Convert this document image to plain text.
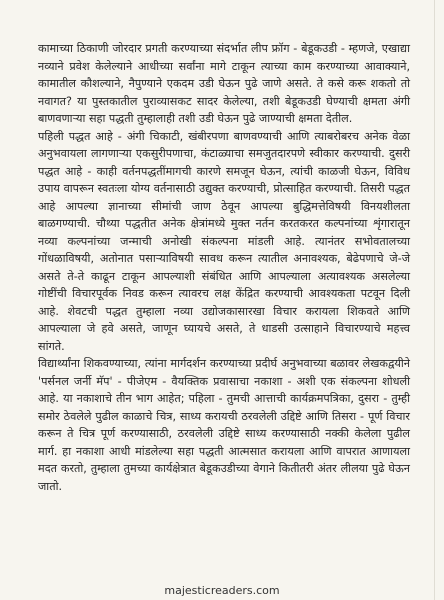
कामाच्या ठिकाणी जोरदार प्रगती करण्याच्या संदर्भात लीप फ्रॉग - बेडूकउडी - म्हणजे, एखाद्या नव्याने प्रवेश केलेल्याने आधीच्या सर्वांना मागे टाकून त्याच्या काम करण्याच्या आवाक्याने, कामातील कौशल्याने, नैपुण्याने एकदम उडी घेऊन पुढे जाणे असते. ते कसे करू शकतो तो नवागत? या पुस्तकातील पुराव्यासकट सादर केलेल्या, तशी बेडूकउडी घेण्याची क्षमता अंगी बाणवणाऱ्या सहा पद्धती तुम्हालाही तशी उडी घेऊन पुढे जाण्याची क्षमता देतील.

पहिली पद्धत आहे - अंगी चिकाटी, खंबीरपणा बाणवण्याची आणि त्याबरोबरच अनेक वेळा अनुभवायला लागणाऱ्या एकसुरीपणाचा, कंटाळ्याचा समजुतदारपणे स्वीकार करण्याची. दुसरी पद्धत आहे - काही वर्तनपद्धतींमागची कारणे समजून घेऊन, त्यांची काळजी घेऊन, विविध उपाय वापरून स्वतःला योग्य वर्तनासाठी उद्युक्त करण्याची, प्रोत्साहित करण्याची. तिसरी पद्धत आहे आपल्या ज्ञानाच्या सीमांची जाण ठेवून आपल्या बुद्धिमत्तेविषयी विनयशीलता बाळगण्याची. चौथ्या पद्धतीत अनेक क्षेत्रांमध्ये मुक्त नर्तन करतकरत कल्पनांच्या शृंगारातून नव्या कल्पनांच्या जन्माची अनोखी संकल्पना मांडली आहे. त्यानंतर सभोवतालच्या गोंधळाविषयी, अतोनात पसाऱ्याविषयी सावध करून त्यातील अनावश्यक, बेढेपणाचे जे-जे असते ते-ते काढून टाकून आपल्याशी संबंधित आणि आपल्याला अत्यावश्यक असलेल्या गोष्टींची विचारपूर्वक निवड करून त्यावरच लक्ष केंद्रित करण्याची आवश्यकता पटवून दिली आहे. शेवटची पद्धत तुम्हाला नव्या उद्योजकासारखा विचार करायला शिकवते आणि आपल्याला जे हवे असते, जाणून घ्यायचे असते, ते धाडसी उत्साहाने विचारण्याचे महत्त्व सांगते.

विद्यार्थ्यांना शिकवण्याच्या, त्यांना मार्गदर्शन करण्याच्या प्रदीर्घ अनुभवाच्या बळावर लेखकद्वयीने 'पर्सनल जर्नी मॅप' - पीजेएम - वैयक्तिक प्रवासाचा नकाशा - अशी एक संकल्पना शोधली आहे. या नकाशाचे तीन भाग आहेत; पहिला - तुमची आत्ताची कार्यक्रमपत्रिका, दुसरा - तुम्ही समोर ठेवलेले पुढील काळाचे चित्र, साध्य करायची ठरवलेली उद्दिष्टे आणि तिसरा - पूर्ण विचार करून ते चित्र पूर्ण करण्यासाठी, ठरवलेली उद्दिष्टे साध्य करण्यासाठी नक्की केलेला पुढील मार्ग. हा नकाशा आधी मांडलेल्या सहा पद्धती आत्मसात करायला आणि वापरात आणायला मदत करतो, तुम्हाला तुमच्या कार्यक्षेत्रात बेडूकउडीच्या वेगाने कितीतरी अंतर लीलया पुढे घेऊन जातो.

majesticreaders.com
